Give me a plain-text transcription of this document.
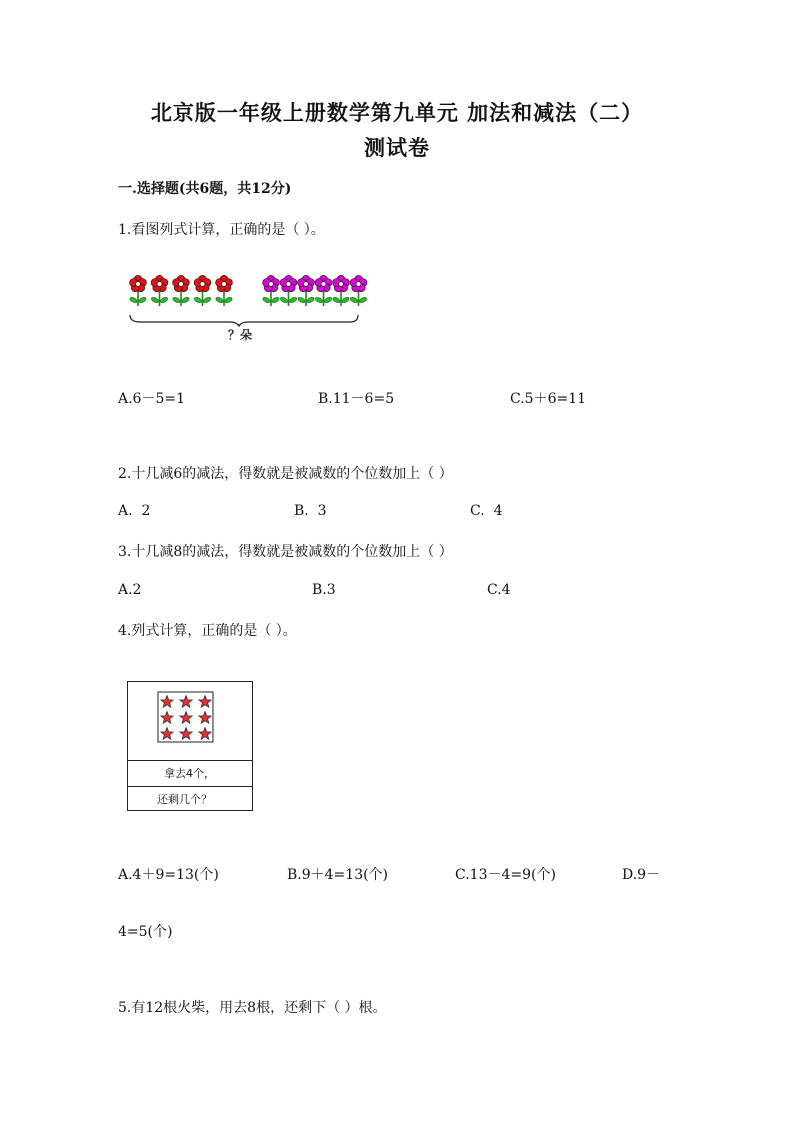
北京版一年级上册数学第九单元 加法和减法（二）
测试卷
一.选择题(共6题，共12分)
1.看图列式计算，正确的是（ ）。
？朵
A.6－5=1	B.11－6=5	C.5＋6=11
2.十几减6的减法，得数就是被减数的个位数加上（ ）
A.  2	B.  3	C.  4
3.十几减8的减法，得数就是被减数的个位数加上（ ）
A.2	B.3	C.4
4.列式计算，正确的是（ ）。
拿去4个，
还剩几个？
A.4＋9=13(个)	B.9＋4=13(个)	C.13－4=9(个)	D.9－
4=5(个)
5.有12根火柴，用去8根，还剩下（ ）根。
